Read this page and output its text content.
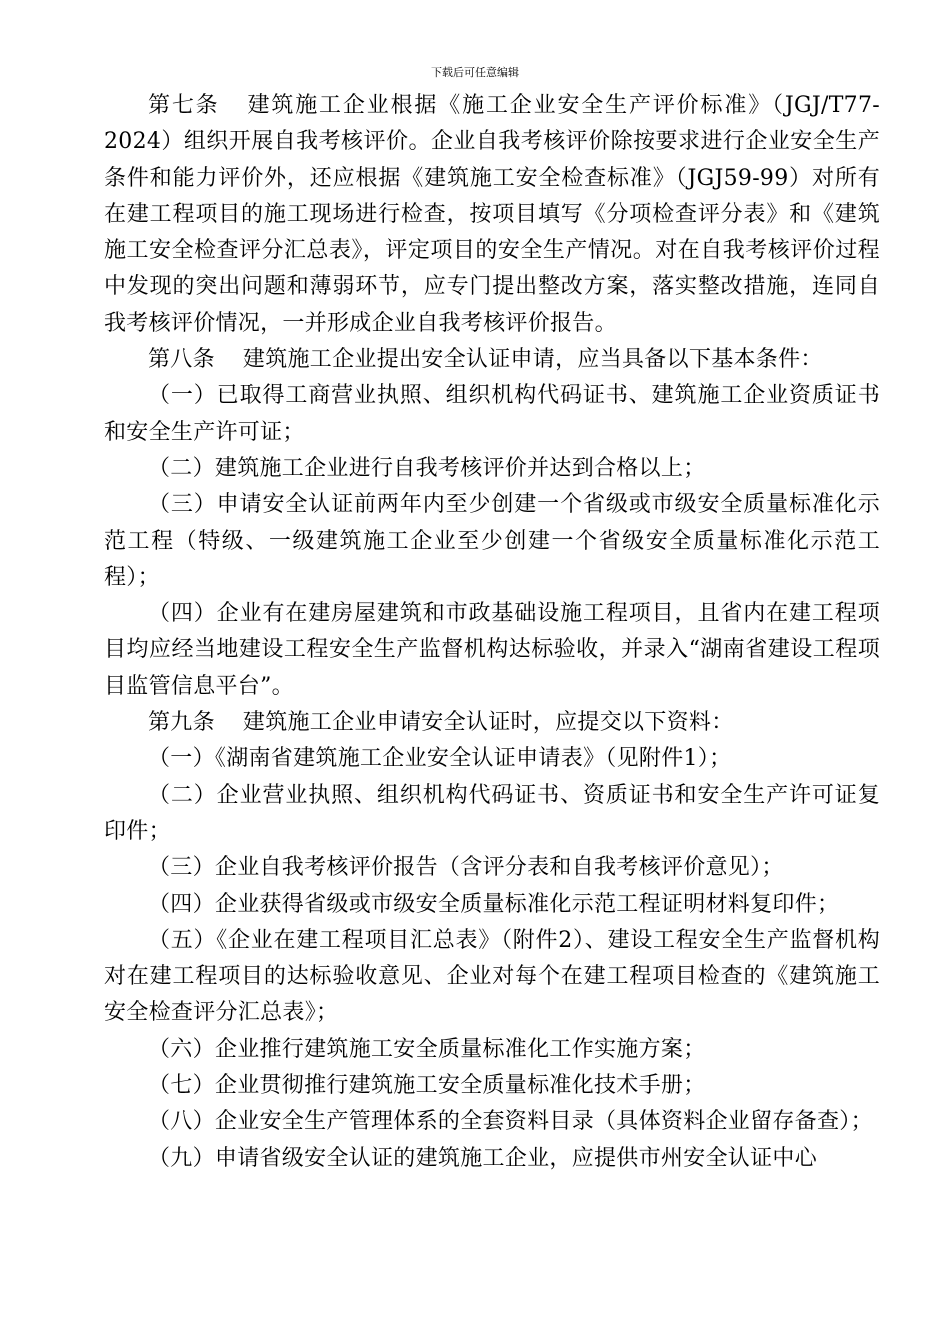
下载后可任意编辑

第七条 建筑施工企业根据《施工企业安全生产评价标准》（JGJ/T77-2024）组织开展自我考核评价。企业自我考核评价除按要求进行企业安全生产条件和能力评价外，还应根据《建筑施工安全检查标准》（JGJ59-99）对所有在建工程项目的施工现场进行检查，按项目填写《分项检查评分表》和《建筑施工安全检查评分汇总表》，评定项目的安全生产情况。对在自我考核评价过程中发现的突出问题和薄弱环节，应专门提出整改方案，落实整改措施，连同自我考核评价情况，一并形成企业自我考核评价报告。

第八条 建筑施工企业提出安全认证申请，应当具备以下基本条件：

（一）已取得工商营业执照、组织机构代码证书、建筑施工企业资质证书和安全生产许可证；

（二）建筑施工企业进行自我考核评价并达到合格以上；

（三）申请安全认证前两年内至少创建一个省级或市级安全质量标准化示范工程（特级、一级建筑施工企业至少创建一个省级安全质量标准化示范工程）；

（四）企业有在建房屋建筑和市政基础设施工程项目，且省内在建工程项目均应经当地建设工程安全生产监督机构达标验收，并录入“湖南省建设工程项目监管信息平台”。

第九条 建筑施工企业申请安全认证时，应提交以下资料：

（一）《湖南省建筑施工企业安全认证申请表》（见附件1）；

（二）企业营业执照、组织机构代码证书、资质证书和安全生产许可证复印件；

（三）企业自我考核评价报告（含评分表和自我考核评价意见）；

（四）企业获得省级或市级安全质量标准化示范工程证明材料复印件；

（五）《企业在建工程项目汇总表》（附件2）、建设工程安全生产监督机构对在建工程项目的达标验收意见、企业对每个在建工程项目检查的《建筑施工安全检查评分汇总表》；

（六）企业推行建筑施工安全质量标准化工作实施方案；

（七）企业贯彻推行建筑施工安全质量标准化技术手册；

（八）企业安全生产管理体系的全套资料目录（具体资料企业留存备查）；

（九）申请省级安全认证的建筑施工企业，应提供市州安全认证中心
